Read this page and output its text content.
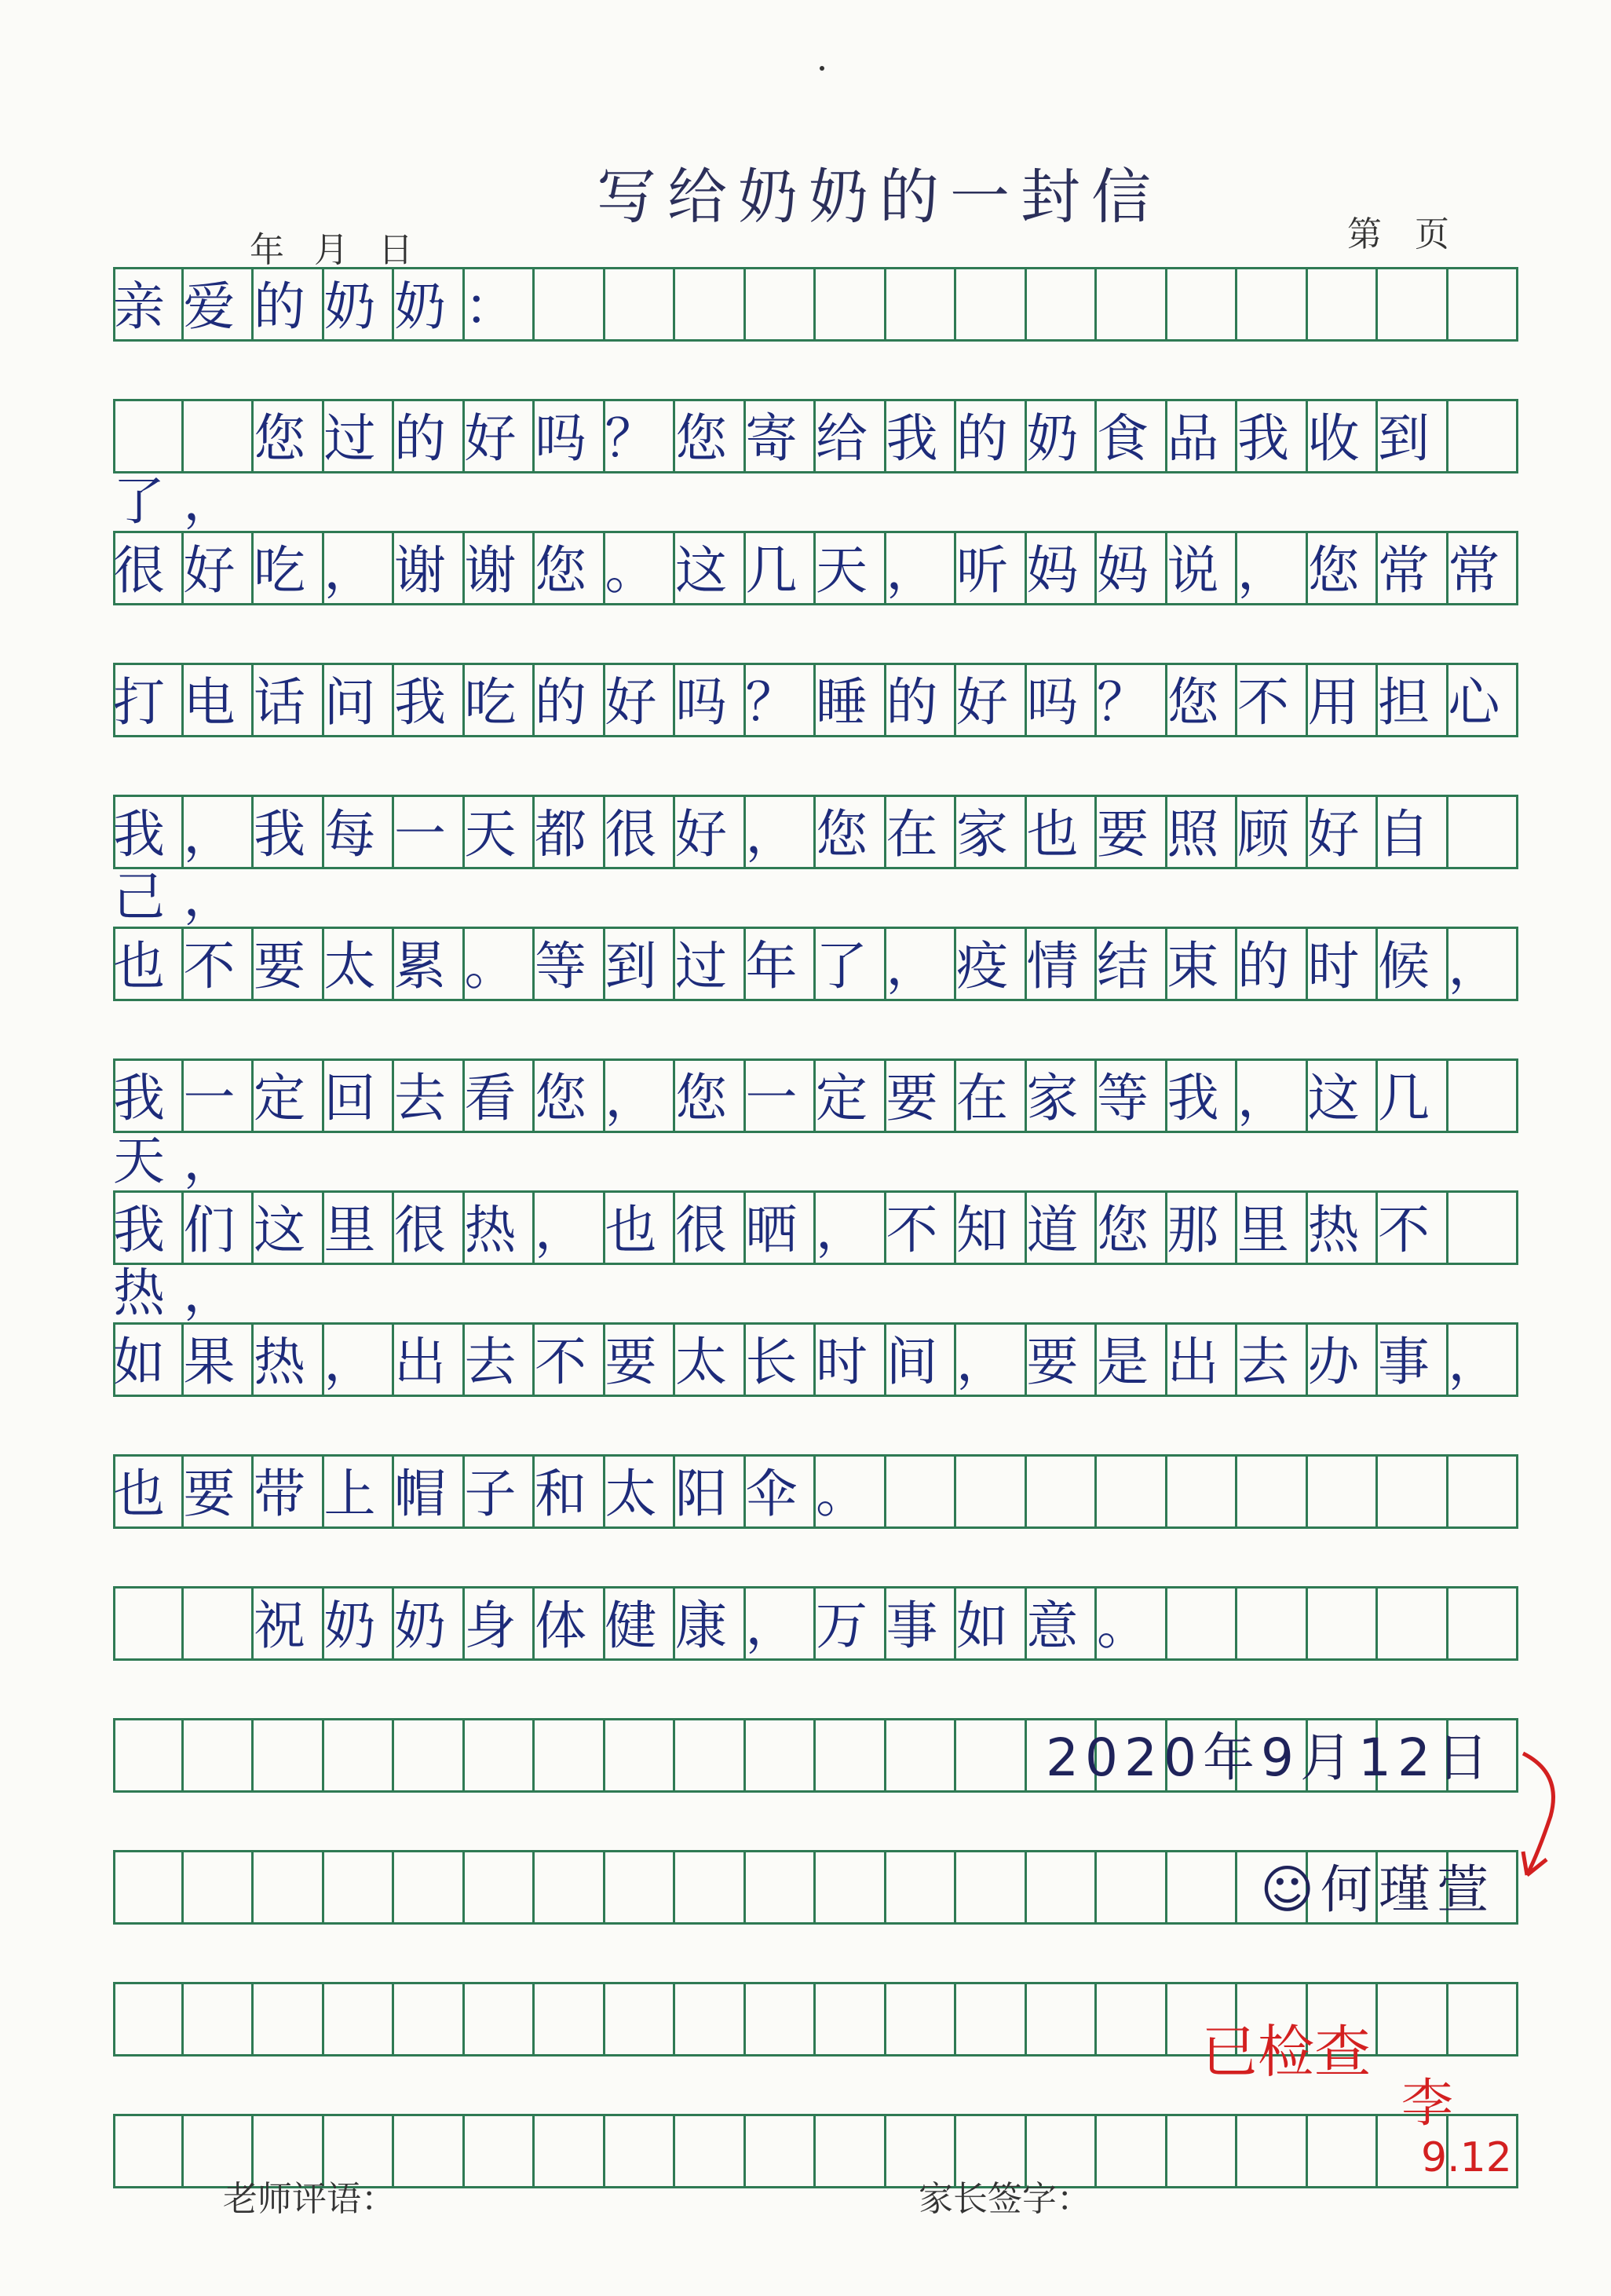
写给奶奶的一封信
年月日	第页
亲爱的奶奶：
　　您过的好吗？您寄给我的奶食品我收到了，
很好吃，谢谢您。这几天，听妈妈说，您常常
打电话问我吃的好吗？睡的好吗？您不用担心
我，我每一天都很好，您在家也要照顾好自己，
也不要太累。等到过年了，疫情结束的时候，
我一定回去看您，您一定要在家等我，这几天，
我们这里很热，也很晒，不知道您那里热不热，
如果热，出去不要太长时间，要是出去办事，
也要带上帽子和太阳伞。
　　祝奶奶身体健康，万事如意。
2020年9月12日
☺何瑾萱
老师评语：	家长签字：
已检查
李
9.12
